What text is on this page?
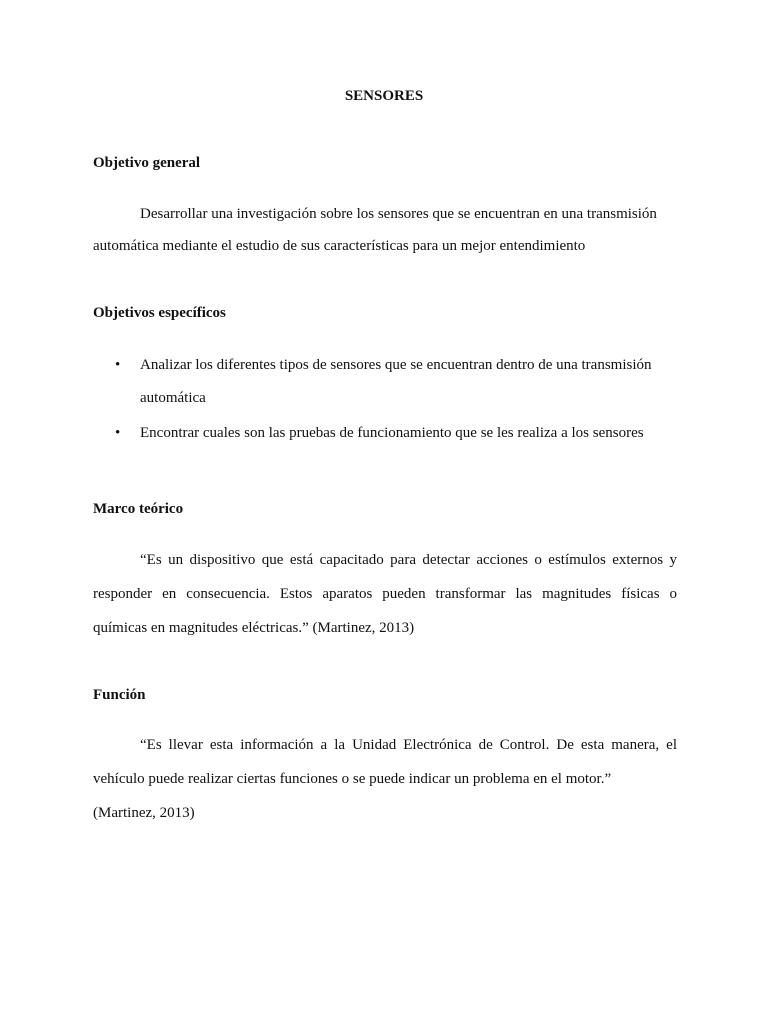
SENSORES
Objetivo general
Desarrollar una investigación sobre los sensores que se encuentran en una transmisión
automática mediante el estudio de sus características para un mejor entendimiento
Objetivos específicos
• Analizar los diferentes tipos de sensores que se encuentran dentro de una transmisión
automática
• Encontrar cuales son las pruebas de funcionamiento que se les realiza a los sensores
Marco teórico
“Es un dispositivo que está capacitado para detectar acciones o estímulos externos y
responder en consecuencia. Estos aparatos pueden transformar las magnitudes físicas o
químicas en magnitudes eléctricas.” (Martinez, 2013)
Función
“Es llevar esta información a la Unidad Electrónica de Control. De esta manera, el
vehículo puede realizar ciertas funciones o se puede indicar un problema en el motor.”
(Martinez, 2013)
